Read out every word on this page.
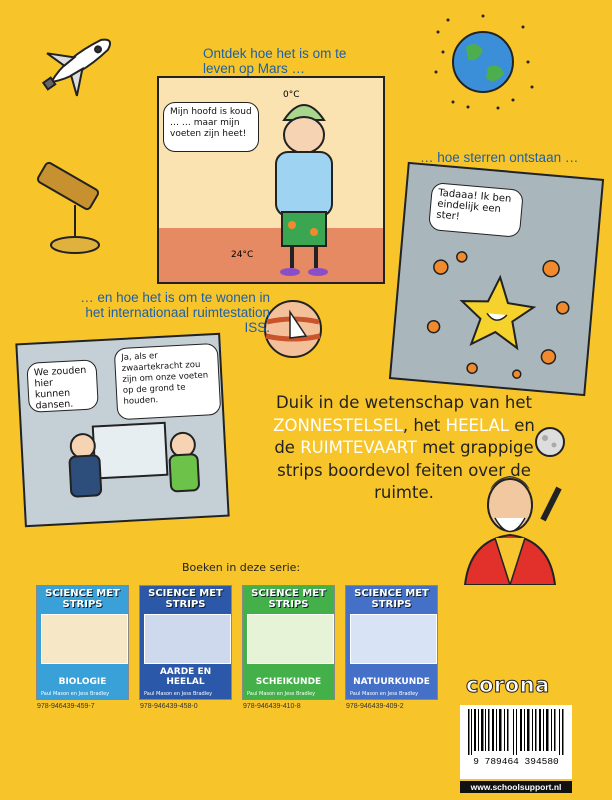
Ontdek hoe het is om te leven op Mars …
… hoe sterren ontstaan …
… en hoe het is om te wonen in het internationaal ruimtestation ISS.
0°C
24°C
Mijn hoofd is koud … … maar mijn voeten zijn heet!
Tadaaa! Ik ben eindelijk een ster!
We zouden hier kunnen dansen.
Ja, als er zwaartekracht zou zijn om onze voeten op de grond te houden.	Duik in de wetenschap van het ZONNESTELSEL, het HEELAL en de RUIMTEVAART met grappige strips boordevol feiten over de ruimte.
Boeken in deze serie:
SCIENCE MET STRIPS
BIOLOGIE
Paul Mason en Jess Bradley
SCIENCE MET STRIPS
AARDE EN HEELAL
Paul Mason en Jess Bradley
SCIENCE MET STRIPS
SCHEIKUNDE
Paul Mason en Jess Bradley
SCIENCE MET STRIPS
NATUURKUNDE
Paul Mason en Jess Bradley
978-946439-459-7	978-946439-458-0	978-946439-410-8	978-946439-409-2
corona
9 789464 394580
www.schoolsupport.nl
